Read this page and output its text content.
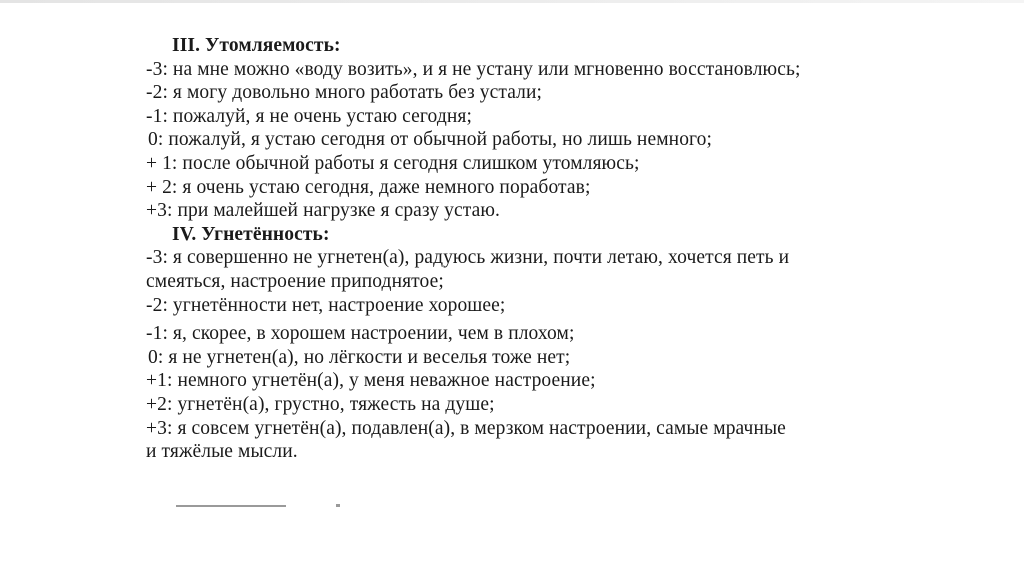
III. Утомляемость:
-3: на мне можно «воду возить», и я не устану или мгновенно восстановлюсь;
-2: я могу довольно много работать без устали;
-1: пожалуй, я не очень устаю сегодня;
0: пожалуй, я устаю сегодня от обычной работы, но лишь немного;
+ 1: после обычной работы я сегодня слишком утомляюсь;
+ 2: я очень устаю сегодня, даже немного поработав;
+3: при малейшей нагрузке я сразу устаю.
IV. Угнетённость:
-3: я совершенно не угнетен(а), радуюсь жизни, почти летаю, хочется петь и
смеяться, настроение приподнятое;
-2: угнетённости нет, настроение хорошее;
-1: я, скорее, в хорошем настроении, чем в плохом;
0: я не угнетен(а), но лёгкости и веселья тоже нет;
+1: немного угнетён(а), у меня неважное настроение;
+2: угнетён(а), грустно, тяжесть на душе;
+3: я совсем угнетён(а), подавлен(а), в мерзком настроении, самые мрачные
и тяжёлые мысли.
